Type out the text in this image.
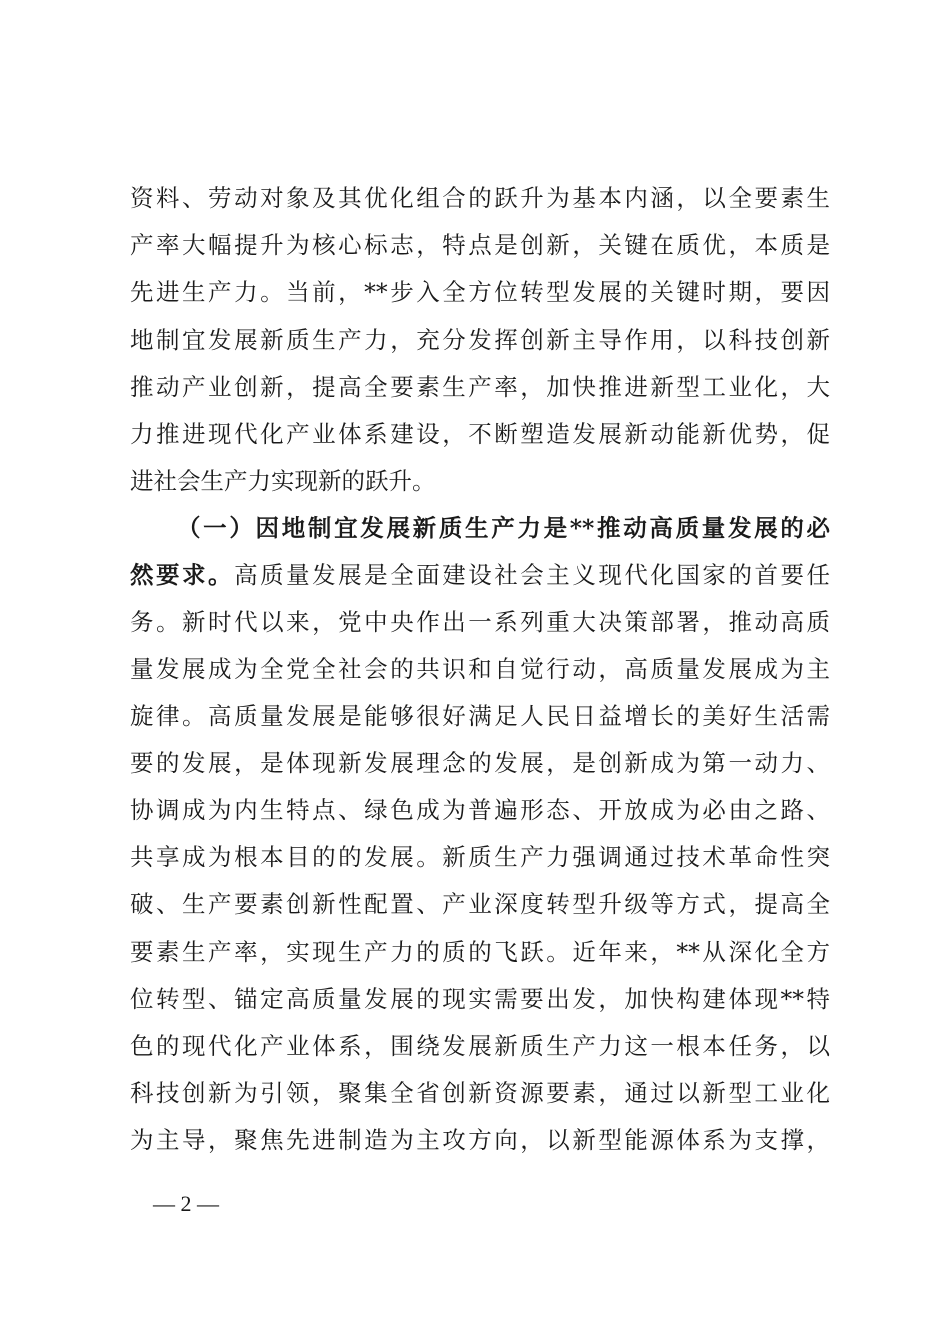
资料、劳动对象及其优化组合的跃升为基本内涵，以全要素生
产率大幅提升为核心标志，特点是创新，关键在质优，本质是
先进生产力。当前，**步入全方位转型发展的关键时期，要因
地制宜发展新质生产力，充分发挥创新主导作用，以科技创新
推动产业创新，提高全要素生产率，加快推进新型工业化，大
力推进现代化产业体系建设，不断塑造发展新动能新优势，促
进社会生产力实现新的跃升。
（一）因地制宜发展新质生产力是**推动高质量发展的必
然要求。高质量发展是全面建设社会主义现代化国家的首要任
务。新时代以来，党中央作出一系列重大决策部署，推动高质
量发展成为全党全社会的共识和自觉行动，高质量发展成为主
旋律。高质量发展是能够很好满足人民日益增长的美好生活需
要的发展，是体现新发展理念的发展，是创新成为第一动力、
协调成为内生特点、绿色成为普遍形态、开放成为必由之路、
共享成为根本目的的发展。新质生产力强调通过技术革命性突
破、生产要素创新性配置、产业深度转型升级等方式，提高全
要素生产率，实现生产力的质的飞跃。近年来，**从深化全方
位转型、锚定高质量发展的现实需要出发，加快构建体现**特
色的现代化产业体系，围绕发展新质生产力这一根本任务，以
科技创新为引领，聚集全省创新资源要素，通过以新型工业化
为主导，聚焦先进制造为主攻方向，以新型能源体系为支撑，
— 2 —
